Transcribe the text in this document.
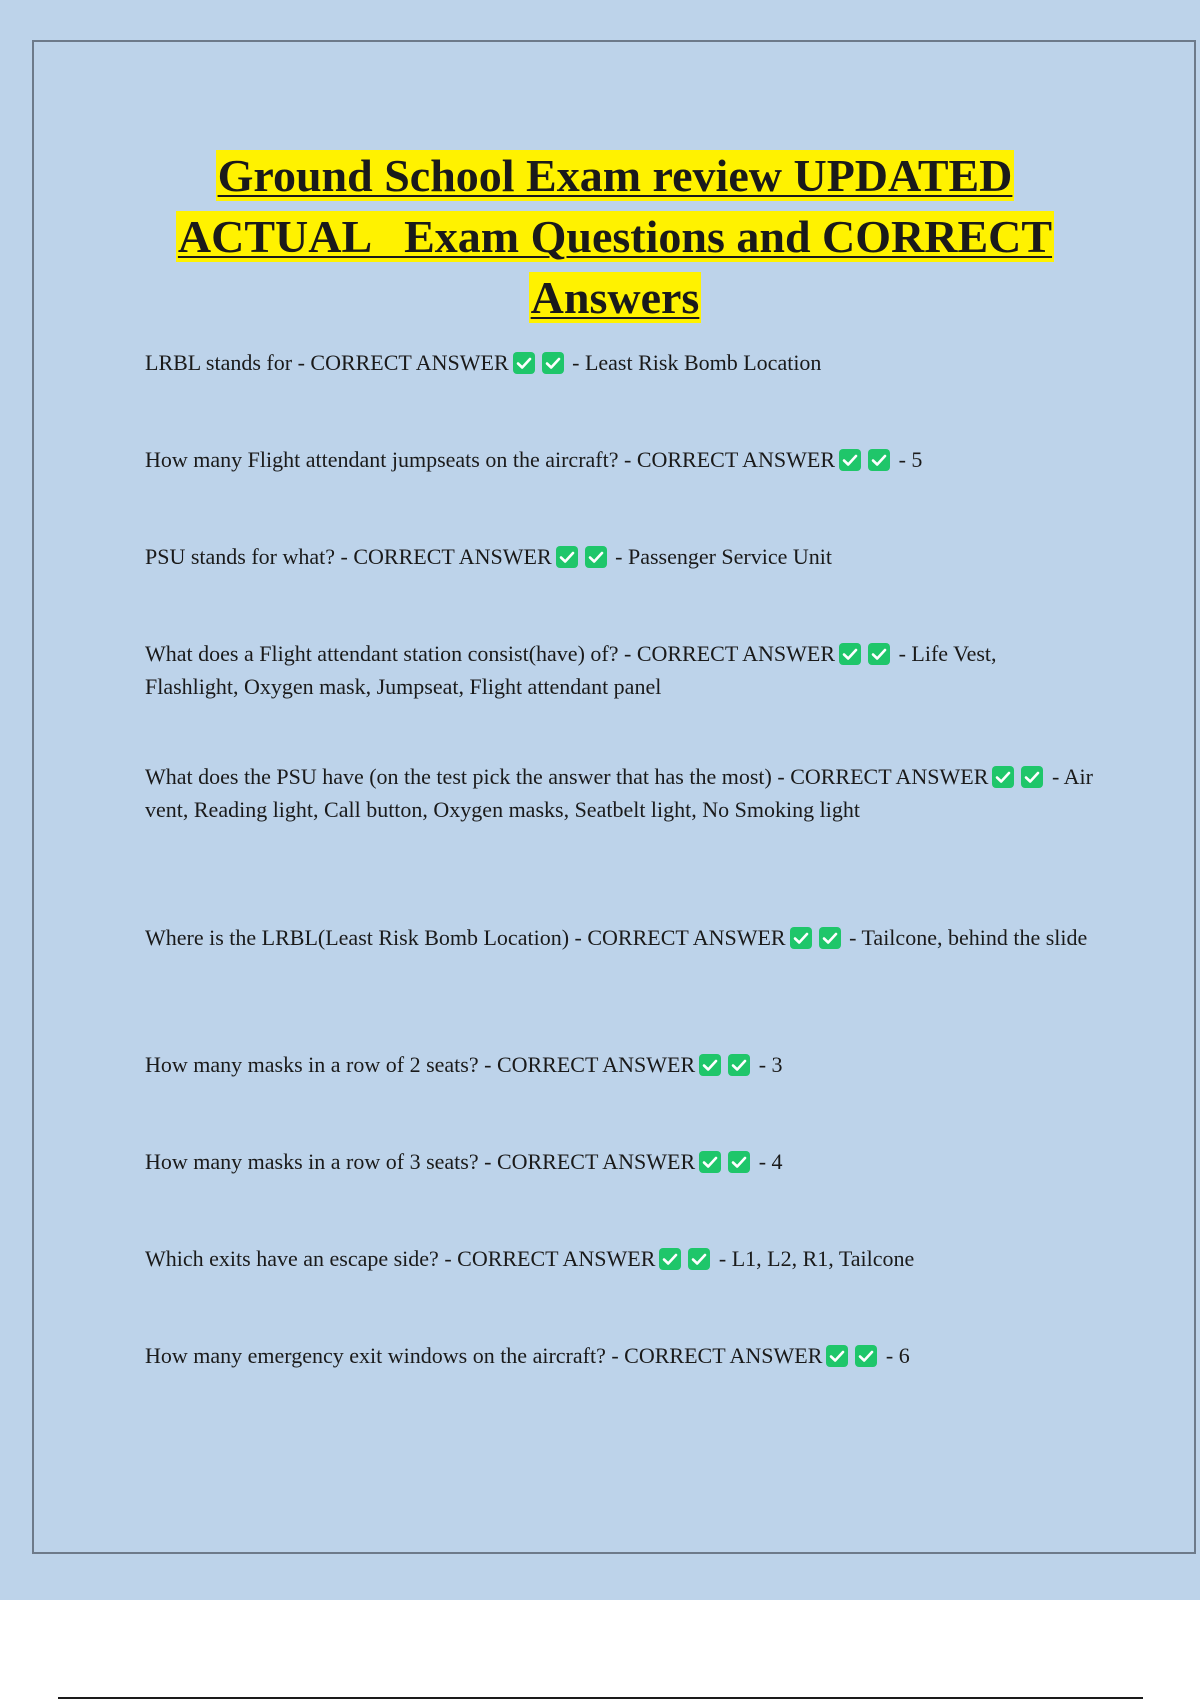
Ground School Exam review UPDATED
ACTUAL   Exam Questions and CORRECT
Answers

LRBL stands for - CORRECT ANSWER	- Least Risk Bomb Location

How many Flight attendant jumpseats on the aircraft? - CORRECT ANSWER	- 5

PSU stands for what? - CORRECT ANSWER	- Passenger Service Unit

What does a Flight attendant station consist(have) of? - CORRECT ANSWER	- Life Vest, Flashlight, Oxygen mask, Jumpseat, Flight attendant panel

What does the PSU have (on the test pick the answer that has the most) - CORRECT ANSWER	- Air vent, Reading light, Call button, Oxygen masks, Seatbelt light, No Smoking light

Where is the LRBL(Least Risk Bomb Location) - CORRECT ANSWER	- Tailcone, behind the slide

How many masks in a row of 2 seats? - CORRECT ANSWER	- 3

How many masks in a row of 3 seats? - CORRECT ANSWER	- 4

Which exits have an escape side? - CORRECT ANSWER	- L1, L2, R1, Tailcone

How many emergency exit windows on the aircraft? - CORRECT ANSWER	- 6
